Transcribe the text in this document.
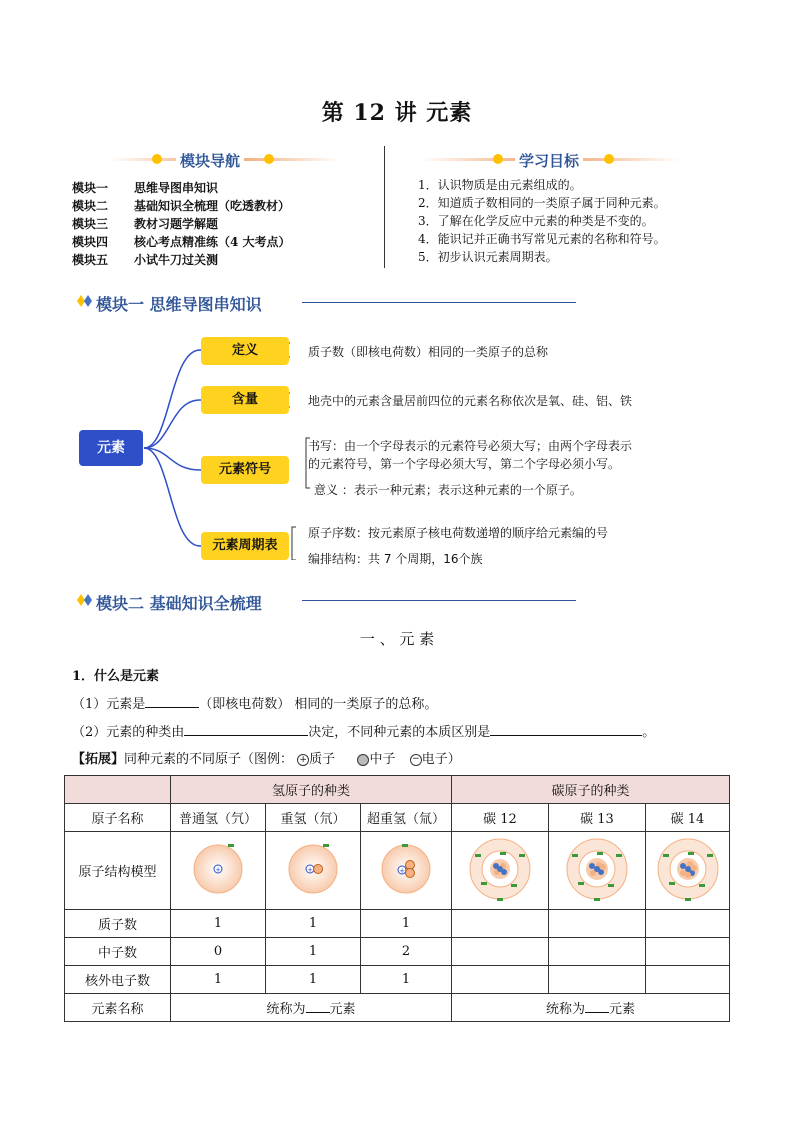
第 12 讲 元素
模块导航
模块一 思维导图串知识
模块二 基础知识全梳理（吃透教材）
模块三 教材习题学解题
模块四 核心考点精准练（4 大考点）
模块五 小试牛刀过关测
学习目标
1．认识物质是由元素组成的。
2．知道质子数相同的一类原子属于同种元素。
3．了解在化学反应中元素的种类是不变的。
4．能识记并正确书写常见元素的名称和符号。
5．初步认识元素周期表。
模块一 思维导图串知识
元素
定义
含量
元素符号
元素周期表
质子数（即核电荷数）相同的一类原子的总称
地壳中的元素含量居前四位的元素名称依次是氧、硅、铝、铁
书写：由一个字母表示的元素符号必须大写；由两个字母表示
的元素符号，第一个字母必须大写，第二个字母必须小写。
意义 ：表示一种元素；表示这种元素的一个原子。
原子序数：按元素原子核电荷数递增的顺序给元素编的号
编排结构：共 7 个周期，16个族
模块二 基础知识全梳理
一 、 元 素
1．什么是元素
（1）元素是	（即核电荷数） 相同的一类原子的总称。
（2）元素的种类由	决定，不同种元素的本质区别是	。
【拓展】同种元素的不同原子（图例： + 质子	中子 − 电子）
	氢原子的种类			碳原子的种类		
原子名称	普通氢（氕）	重氢（氘）	超重氢（氚）	碳 12	碳 13	碳 14
原子结构模型	+	+	+

质子数	1	1	1			
中子数	0	1	2			
核外电子数	1	1	1			
元素名称	统称为 元素			统称为 元素		
